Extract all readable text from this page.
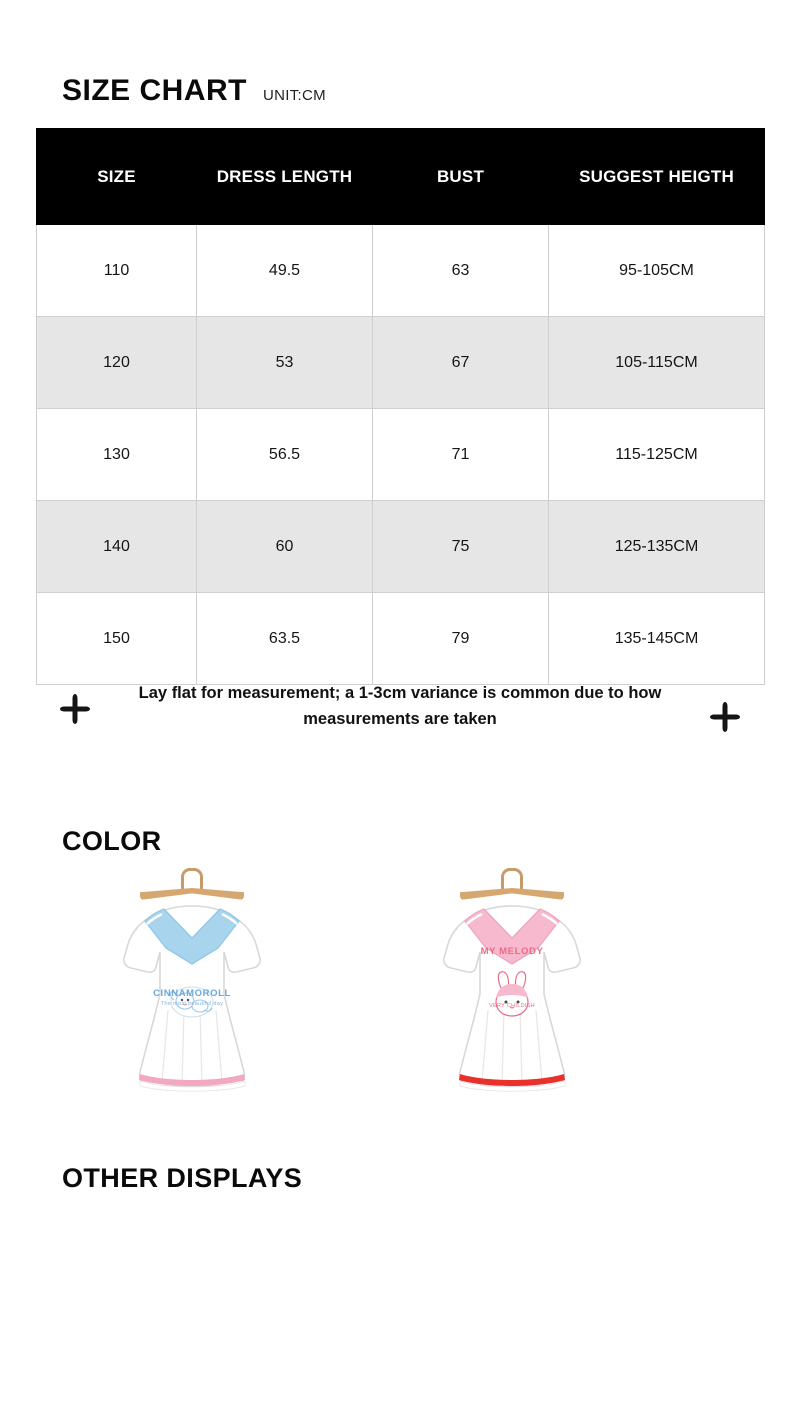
SIZE CHART UNIT:CM
SIZE	DRESS LENGTH	BUST	SUGGEST HEIGTH
110	49.5	63	95-105CM
120	53	67	105-115CM
130	56.5	71	115-125CM
140	60	75	125-135CM
150	63.5	79	135-145CM
Lay flat for measurement; a 1-3cm variance is common due to how measurements are taken
COLOR
CINNAMOROLL
The most beautiful day
MY MELODY
VERY CHILDISH
OTHER DISPLAYS
